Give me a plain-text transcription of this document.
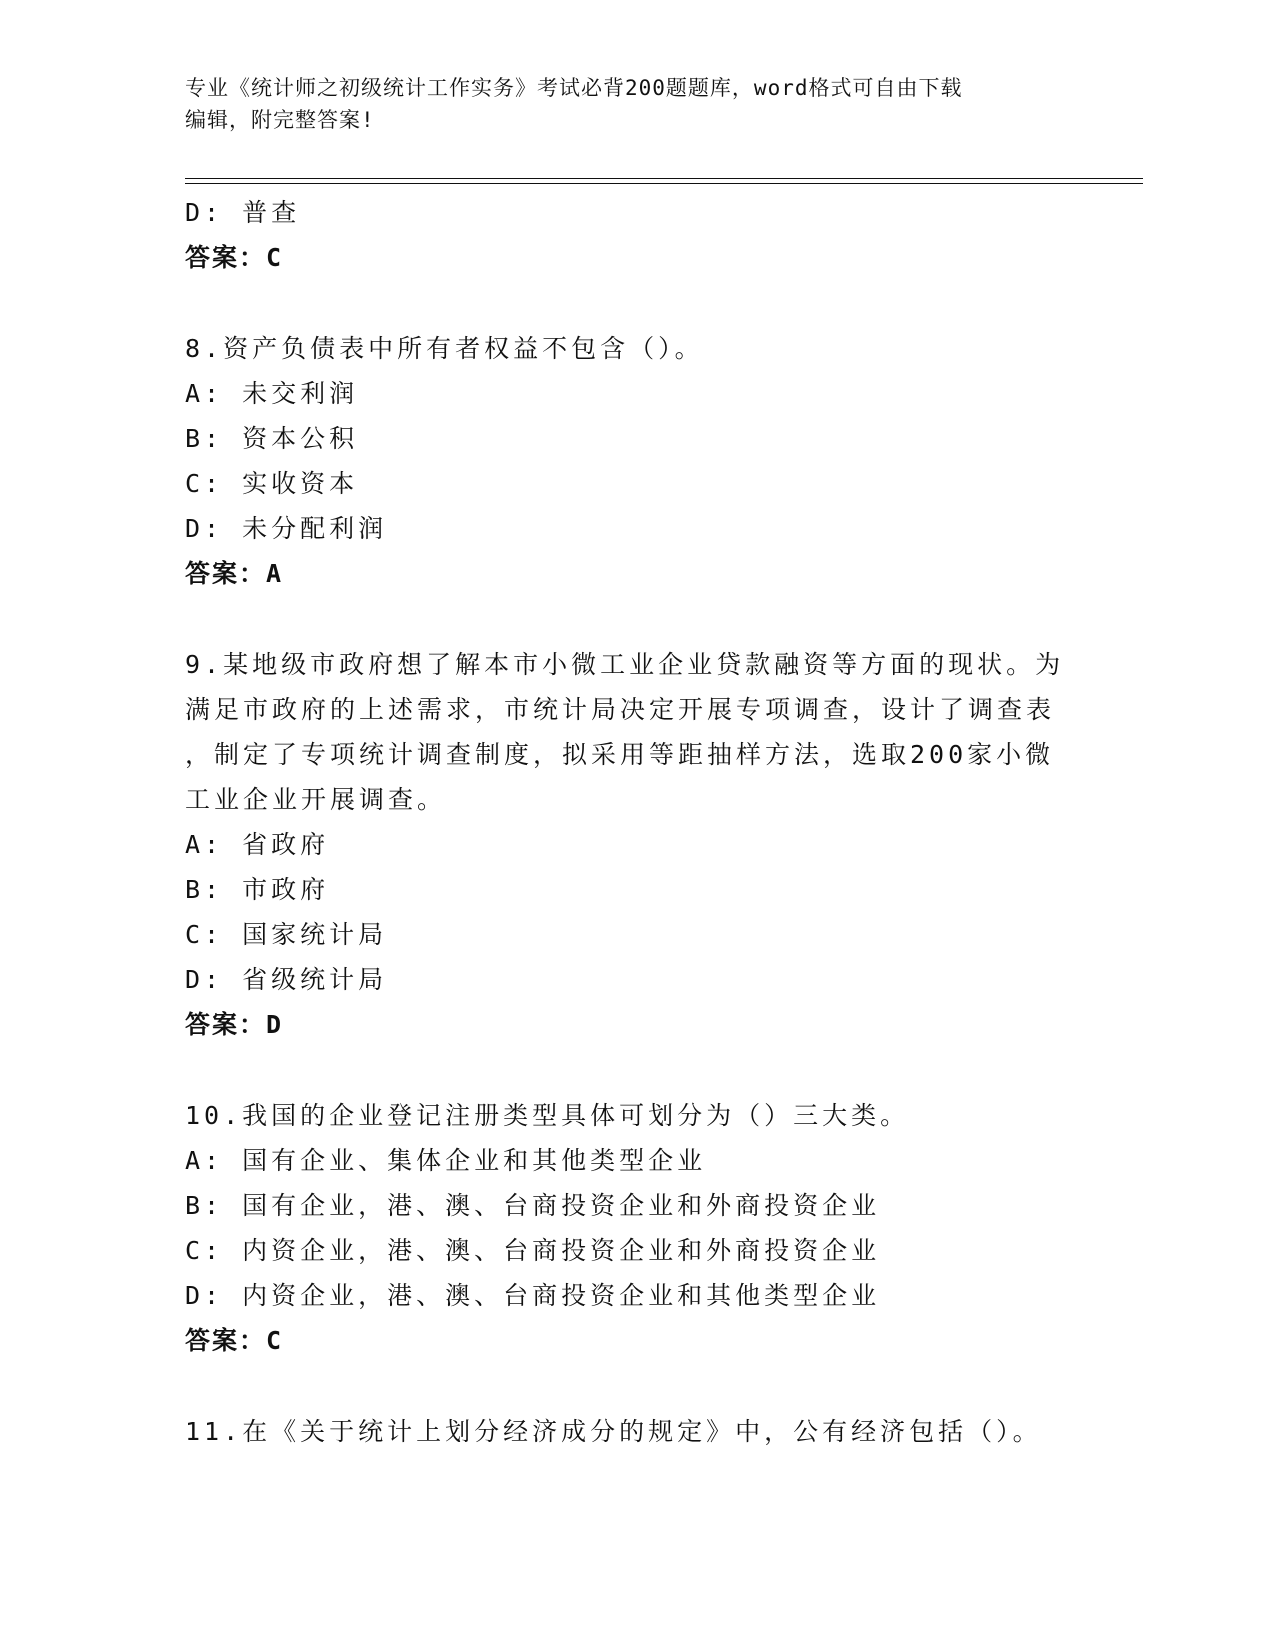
专业《统计师之初级统计工作实务》考试必背200题题库，word格式可自由下载
编辑，附完整答案!
D: 普查
答案：C
8.资产负债表中所有者权益不包含（）。
A: 未交利润
B: 资本公积
C: 实收资本
D: 未分配利润
答案：A
9.某地级市政府想了解本市小微工业企业贷款融资等方面的现状。为
满足市政府的上述需求，市统计局决定开展专项调查，设计了调查表
，制定了专项统计调查制度，拟采用等距抽样方法，选取200家小微
工业企业开展调查。
A: 省政府
B: 市政府
C: 国家统计局
D: 省级统计局
答案：D
10.我国的企业登记注册类型具体可划分为（）三大类。
A: 国有企业、集体企业和其他类型企业
B: 国有企业，港、澳、台商投资企业和外商投资企业
C: 内资企业，港、澳、台商投资企业和外商投资企业
D: 内资企业，港、澳、台商投资企业和其他类型企业
答案：C
11.在《关于统计上划分经济成分的规定》中，公有经济包括（）。
